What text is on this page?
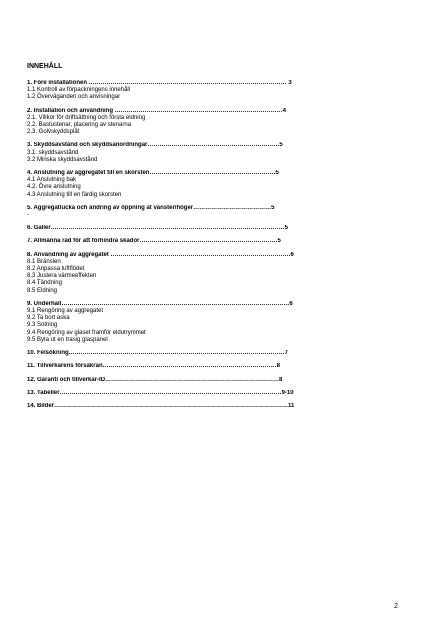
INNEHÅLL
1. Före installationen ……………………………………………………………………………………… 3
1.1 Kontroll av förpackningens innehåll
1.2 Överväganden och anvisningar
2. Installation och användning …………………………………………………………………………4
2.1. Villkor för driftsättning och första eldning
2.2. Bastustenar, placering av stenarna
2.3. Golvskyddsplåt
3. Skyddsavstånd och skyddsanordningar…………………………………………………………5
3.1. skyddsavstånd
3.2 Minska skyddsavstånd
4. Anslutning av aggregatet till en skorsten………………………………………………………5
4.1 Anslutning bak
4.2. Övre anslutning
4.3 Anslutning till en färdig skorsten
5. Aggregatlucka och ändring av öppning åt vänster/höger…………………………………5
-
6. Galler………………………………………………………………………………………………………5
7. Allmänna råd för att förhindra skador……………………………………………………………5
8. Användning av aggregatet ………………………………………………………………………………6
8.1 Bränslen
8.2 Anpassa luftflödet
8.3 Justera värmeeffekten
8.4 Tändning
8.5 Eldning
9. Underhåll……………………………………………………………………………………………………6
9.1 Rengöring av aggregatet
9.2 Ta bort aska
9.3 Sotning
9.4 Rengöring av glaset framför eldutrymmet
9.5 Byta ut en trasig glaspanel
10. Felsökning………………………………………………………………………………………………7
11. Tillverkarens försäkran……………………………………………………………………………8
12. Garanti och tillverkar-ID……………………………………………………………………………8
13. Tabeller…………………………………………………………………………………………………9-10
14. Bilder………………………………………………………………………………………………………11
2
